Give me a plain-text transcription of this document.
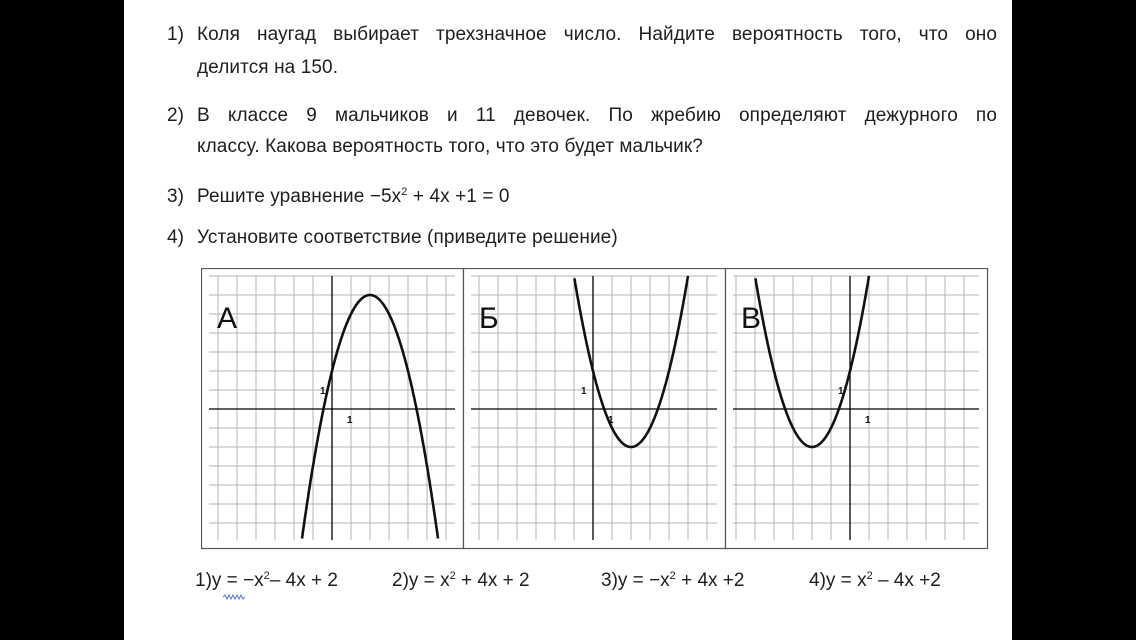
1) Коля наугад выбирает трехзначное число. Найдите вероятность того, что оно
делится на 150.
2) В классе 9 мальчиков и 11 девочек. По жребию определяют дежурного по
классу. Какова вероятность того, что это будет мальчик?
3) Решите уравнение $-5x^2 + 4x +1 = 0$
4) Установите соответствие (приведите решение)
$1)y = -x^2-$ 4x + 2	$2)y = x^2 + 4x + 2$	$3)y = -x^2 + 4x +2$	$4)y = x^2 - 4x +2$
А
1
1
Б
1
1
В
1
1
